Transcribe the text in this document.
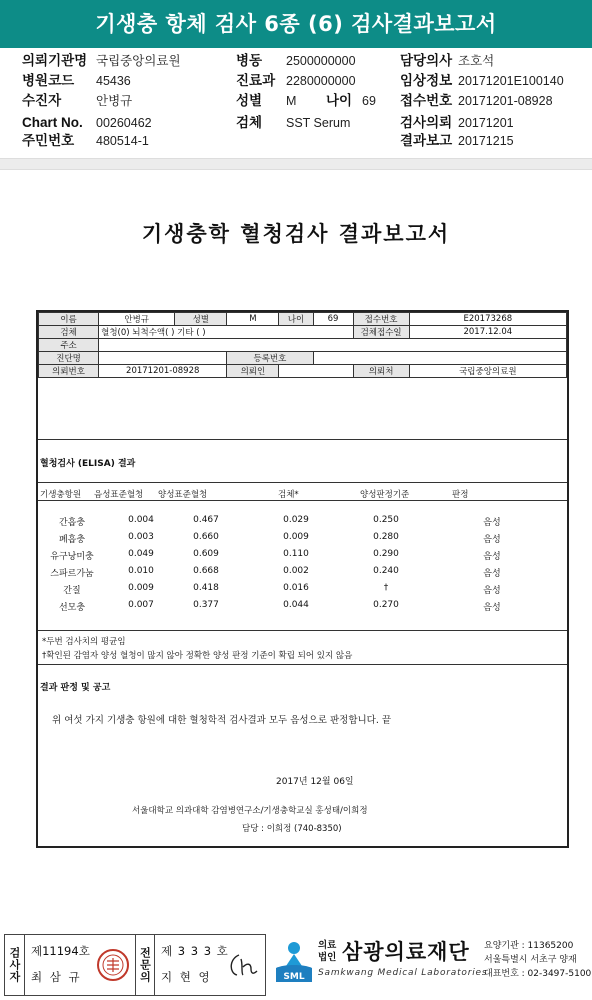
기생충 항체 검사 6종 (6) 검사결과보고서
의뢰기관명 국립중앙의료원	병동 2500000000	담당의사 조호석
병원코드 45436	진료과 2280000000	임상정보 20171201E100140
수진자	안병규	성별 M 나이 69 접수번호 20171201-08928
Chart No. 00260462	검체 SST Serum	검사의뢰 20171201
주민번호 480514-1	결과보고 20171215
기생충학 혈청검사 결과보고서
이름	안병규	성별	M	나이	69	접수번호	E20173268
검체	혈청(0) 뇌척수액( ) 기타 ( )					검체접수일	2017.12.04
주소							
진단명			등록번호				
의뢰번호	20171201-08928		의뢰인			의뢰처	국립중앙의료원
혈청검사 (ELISA) 결과
기생충항원 음성표준혈청 양성표준혈청	검체*	양성판정기준	판정
간흡충	0.004	0.467	0.029	0.250	음성
폐흡충	0.003	0.660	0.009	0.280	음성
유구낭미충	0.049	0.609	0.110	0.290	음성
스파르가눔	0.010	0.668	0.002	0.240	음성
간질	0.009	0.418	0.016	†	음성
선모충	0.007	0.377	0.044	0.270	음성
*두번 검사치의 평균임
†확인된 감염자 양성 혈청이 많지 않아 정확한 양성 판정 기준이 확립 되어 있지 않음
결과 판정 및 공고
위 여섯 가지 기생충 항원에 대한 혈청학적 검사결과 모두 음성으로 판정합니다. 끝
2017년 12월 06일
서울대학교 의과대학 감염병연구소/기생충학교실 홍성태/이희정
담당 : 이희정 (740-8350)
검사자 제11194호
최 삼 규	전문의 제 3 3 3 호
지 현 영	SML
의료
법인 삼광의료재단
Samkwang Medical Laboratories
요양기관 : 11365200
서울특별시 서초구 양재
대표번호 : 02-3497-5100
